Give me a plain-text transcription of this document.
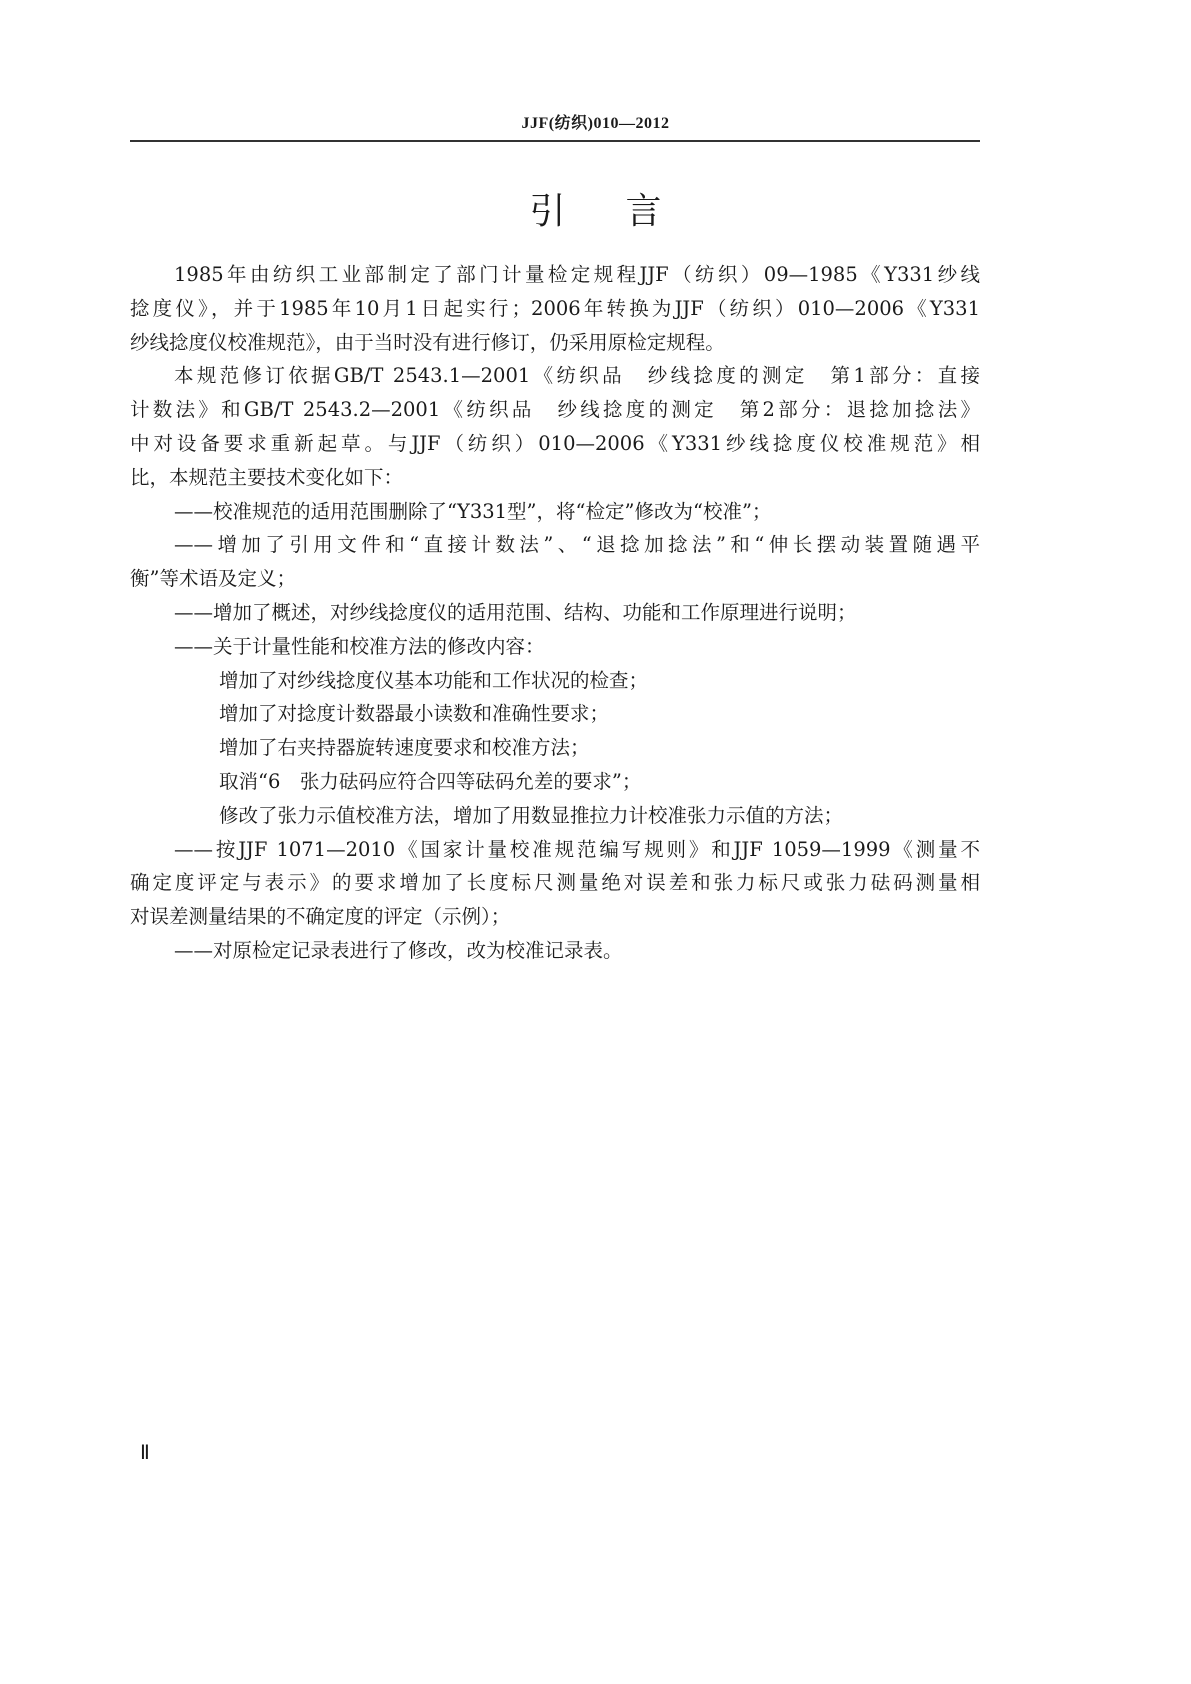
JJF(纺织)010—2012
引言
1985年由纺织工业部制定了部门计量检定规程JJF（纺织）09—1985《Y331纱线
捻度仪》，并于1985年10月1日起实行；2006年转换为JJF（纺织）010—2006《Y331
纱线捻度仪校准规范》，由于当时没有进行修订，仍采用原检定规程。
本规范修订依据GB/T 2543.1—2001《纺织品　纱线捻度的测定　第1部分：直接
计数法》和GB/T 2543.2—2001《纺织品　纱线捻度的测定　第2部分：退捻加捻法》
中对设备要求重新起草。与JJF（纺织）010—2006《Y331纱线捻度仪校准规范》相
比，本规范主要技术变化如下：
——校准规范的适用范围删除了“Y331型”，将“检定”修改为“校准”；
——增加了引用文件和“直接计数法”、“退捻加捻法”和“伸长摆动装置随遇平
衡”等术语及定义；
——增加了概述，对纱线捻度仪的适用范围、结构、功能和工作原理进行说明；
——关于计量性能和校准方法的修改内容：
增加了对纱线捻度仪基本功能和工作状况的检查；
增加了对捻度计数器最小读数和准确性要求；
增加了右夹持器旋转速度要求和校准方法；
取消“6　张力砝码应符合四等砝码允差的要求”；
修改了张力示值校准方法，增加了用数显推拉力计校准张力示值的方法；
——按JJF 1071—2010《国家计量校准规范编写规则》和JJF 1059—1999《测量不
确定度评定与表示》的要求增加了长度标尺测量绝对误差和张力标尺或张力砝码测量相
对误差测量结果的不确定度的评定（示例）；
——对原检定记录表进行了修改，改为校准记录表。
Ⅱ
